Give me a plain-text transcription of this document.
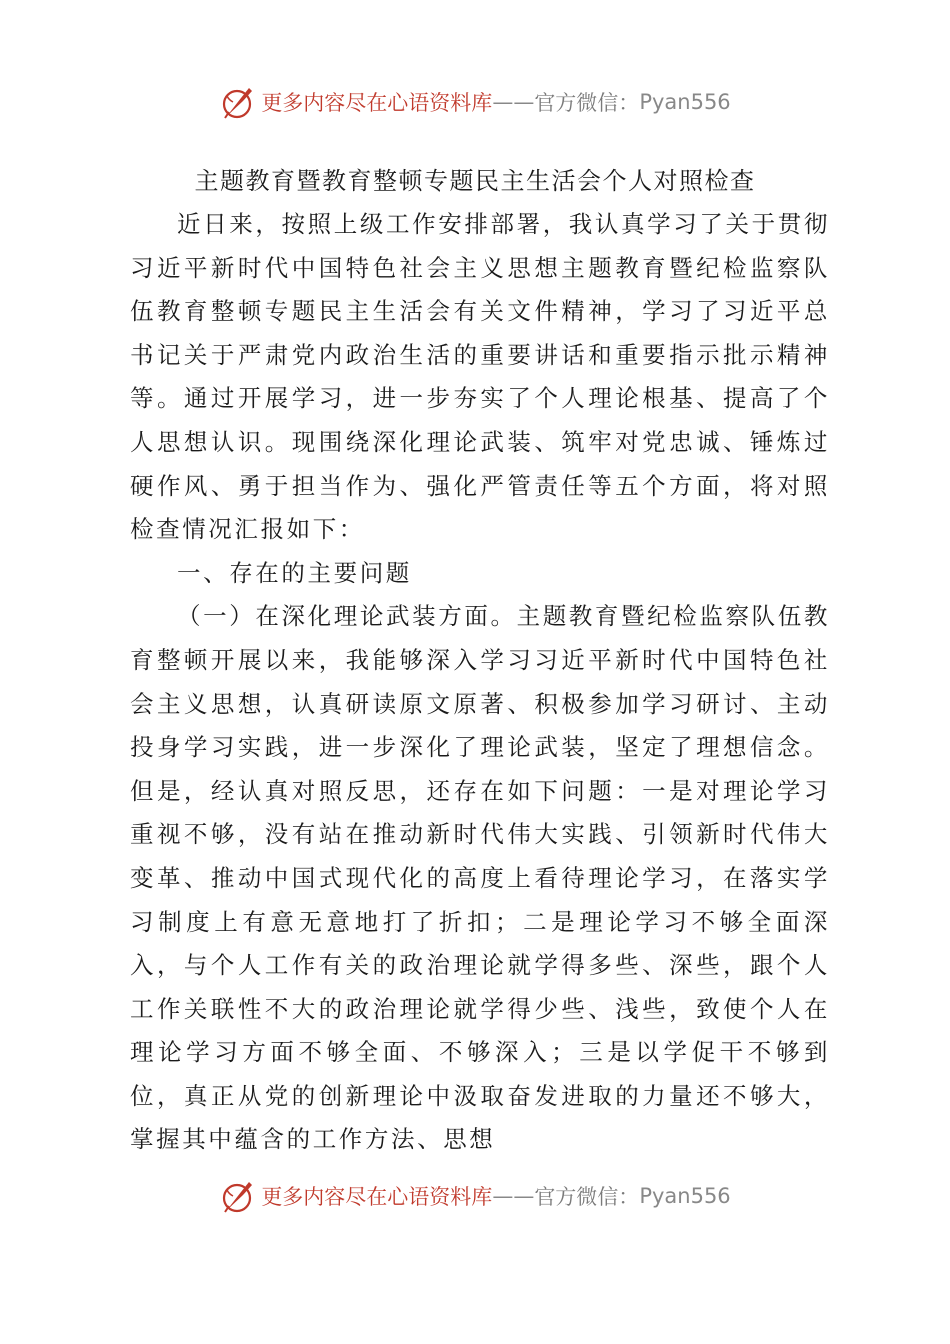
更多内容尽在心语资料库 —— 官方微信： Pyan556
主题教育暨教育整顿专题民主生活会个人对照检查

近日来，按照上级工作安排部署，我认真学习了关于贯彻习近平新时代中国特色社会主义思想主题教育暨纪检监察队伍教育整顿专题民主生活会有关文件精神，学习了习近平总书记关于严肃党内政治生活的重要讲话和重要指示批示精神等。通过开展学习，进一步夯实了个人理论根基、提高了个人思想认识。现围绕深化理论武装、筑牢对党忠诚、锤炼过硬作风、勇于担当作为、强化严管责任等五个方面，将对照检查情况汇报如下：

一、存在的主要问题

（一）在深化理论武装方面。主题教育暨纪检监察队伍教育整顿开展以来，我能够深入学习习近平新时代中国特色社会主义思想，认真研读原文原著、积极参加学习研讨、主动投身学习实践，进一步深化了理论武装，坚定了理想信念。但是，经认真对照反思，还存在如下问题：一是对理论学习重视不够，没有站在推动新时代伟大实践、引领新时代伟大变革、推动中国式现代化的高度上看待理论学习，在落实学习制度上有意无意地打了折扣；二是理论学习不够全面深入，与个人工作有关的政治理论就学得多些、深些，跟个人工作关联性不大的政治理论就学得少些、浅些，致使个人在理论学习方面不够全面、不够深入；三是以学促干不够到位，真正从党的创新理论中汲取奋发进取的力量还不够大，掌握其中蕴含的工作方法、思想

更多内容尽在心语资料库 —— 官方微信： Pyan556
